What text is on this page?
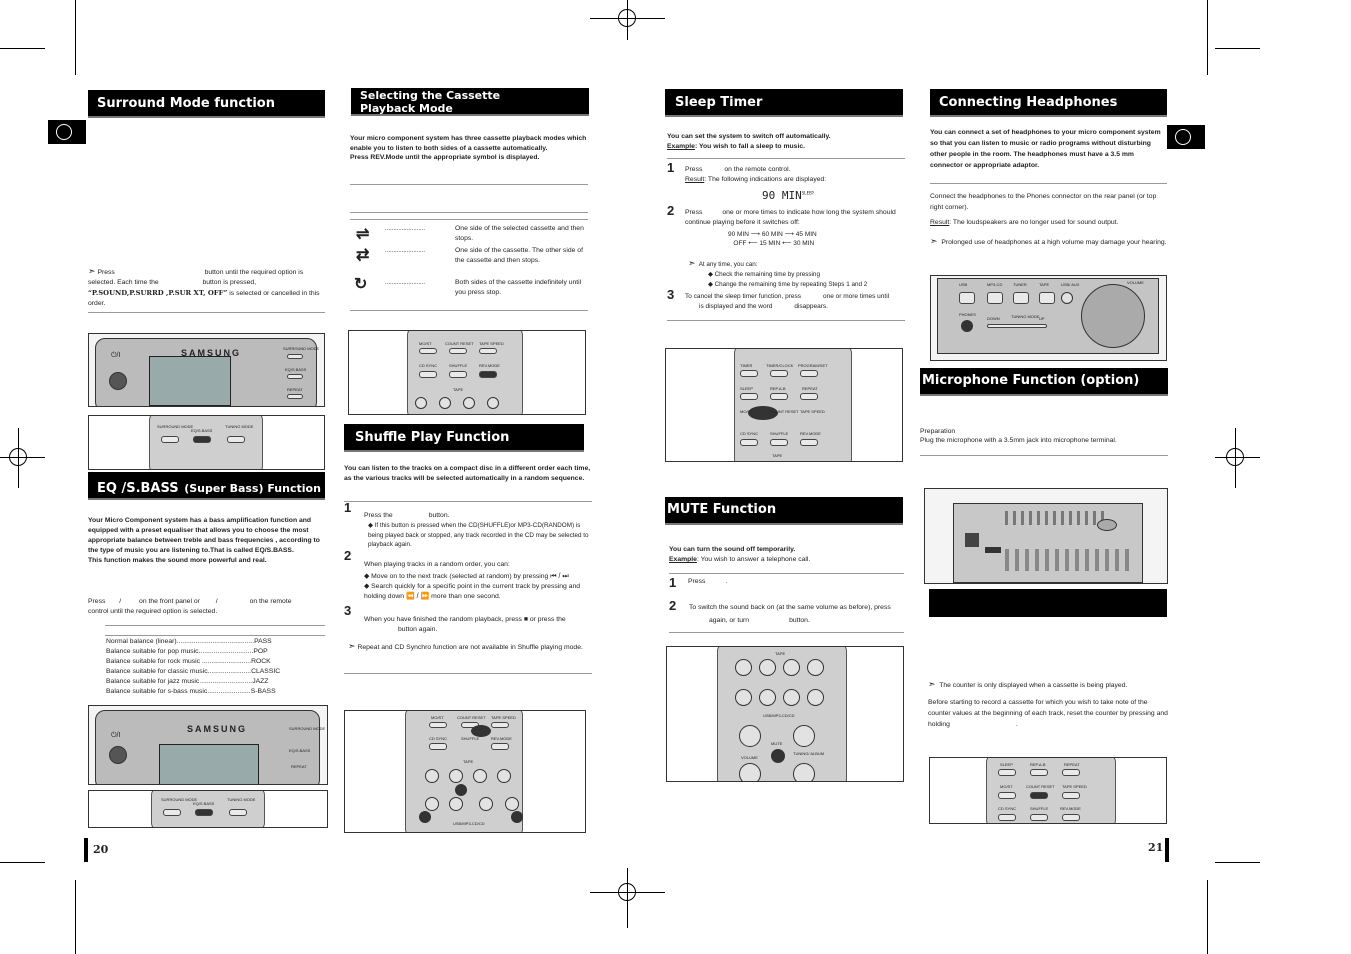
Surround Mode function
➣ Press	button until the required option is selected. Each time the	button is pressed, “P.SOUND,P.SURRD ,P.SUR XT, OFF” is selected or cancelled in this order.
⏻/I	SAMSUNG	SURROUND MODE
EQ/S.BASS
REPEAT
SURROUND MODE
EQ/S.BASS
TUNING MODE
EQ /S.BASS (Super Bass) Function
Your Micro Component system has a bass amplification function and equipped with a preset equaliser that allows you to choose the most appropriate balance between treble and bass frequencies , according to the type of music you are listening to.That is called EQ/S.BASS.
This function makes the sound more powerful and real.
Press /	on the front panel or /	on the remote
control until the required option is selected.
Normal balance (linear).........................................PASS
Balance suitable for pop music.............................POP
Balance suitable for rock music ..........................ROCK
Balance suitable for classic music.......................CLASSIC
Balance suitable for jazz music............................JAZZ
Balance suitable for s-bass music.......................S-BASS
⏻/I
SAMSUNG	SURROUND MODE
EQ/S.BASS
REPEAT
SURROUND MODE
EQ/S.BASS
TUNING MODE
20
Selecting the Cassette
Playback Mode
Your micro component system has three cassette playback modes which enable you to listen to both sides of a cassette automatically.
Press REV.Mode until the appropriate symbol is displayed.
⇌	........................	One side of the selected cassette and then stops.
⇄	........................	One side of the cassette. The other side of the cassette and then stops.
↻	........................	Both sides of the cassette indefinitely until you press stop.
MO/ST	COUNT RESET TAPE SPEED
CD SYNC	SHUFFLE	REV.MODE
TAPE
Shuffle Play Function
You can listen to the tracks on a compact disc in a different order each time, as the various tracks will be selected automatically in a random sequence.
1
Press the	button.
◆ If this button is pressed when the CD(SHUFFLE)or MP3-CD(RANDOM) is being played back or stopped, any track recorded in the CD may be selected to playback again.
2
When playing tracks in a random order, you can:
◆ Move on to the next track (selected at random) by pressing ⏮ / ⏭
◆ Search quickly for a specific point in the current track by pressing and holding down ⏪ / ⏩ more than one second.
3
When you have finished the random playback, press ■ or press the
button again.
➣ Repeat and CD Synchro function are not available in Shuffle playing mode.
MO/ST	COUNT RESET TAPE SPEED
CD SYNC	SHUFFLE	REV.MODE
TAPE
USB/MP3-CD/CD
Sleep Timer
You can set the system to switch off automatically.
Example: You wish to fall a sleep to music.
1 Press	on the remote control.
Result: The following indications are displayed:
90 $MIN^{SLEEP}$
2 Press	one or more times to indicate how long the system should continue playing before it switches off:
90 MIN ⟶ 60 MIN ⟶ 45 MIN
OFF ⟵ 15 MIN ⟵ 30 MIN
➣ At any time, you can:
◆ Check the remaining time by pressing
◆ Change the remaining time by repeating Steps 1 and 2
3 To cancel the sleep timer function, press	one or more times until
is displayed and the word	disappears.
TIMER	TIMER/CLOCK PROGRAM/SET
SLEEP	REP.A-B	REPEAT
MO/ST	COUNT RESET TAPE SPEED
CD SYNC	SHUFFLE	REV.MODE
TAPE
MUTE Function
You can turn the sound off temporarily.
Example: You wish to answer a telephone call.
1 Press	.
2 To switch the sound back on (at the same volume as before), press
again, or turn	button.
TAPE
USB/MP3-CD/CD
VOLUME
MUTE
TUNING/ ALBUM
Connecting Headphones
You can connect a set of headphones to your micro component system so that you can listen to music or radio programs without disturbing other people in the room. The headphones must have a 3.5 mm connector or appropriate adaptor.
Connect the headphones to the Phones connector on the rear panel (or top right corner).
Result: The loudspeakers are no longer used for sound output.
➣ Prolonged use of headphones at a high volume may damage your hearing.
USB	MP3-CD	TUNER	TAPE	USB/ AUX	VOLUME
PHONES
DOWN	TUNING MODE UP
Microphone Function (option)
Preparation
Plug the microphone with a 3.5mm jack into microphone terminal.
➣ The counter is only displayed when a cassette is being played.
Before starting to record a cassette for which you wish to take note of the counter values at the beginning of each track, reset the counter by pressing and holding	.
SLEEP	REP.A-B	REPEAT
MO/ST	COUNT RESET TAPE SPEED
CD SYNC	SHUFFLE	REV.MODE
21
